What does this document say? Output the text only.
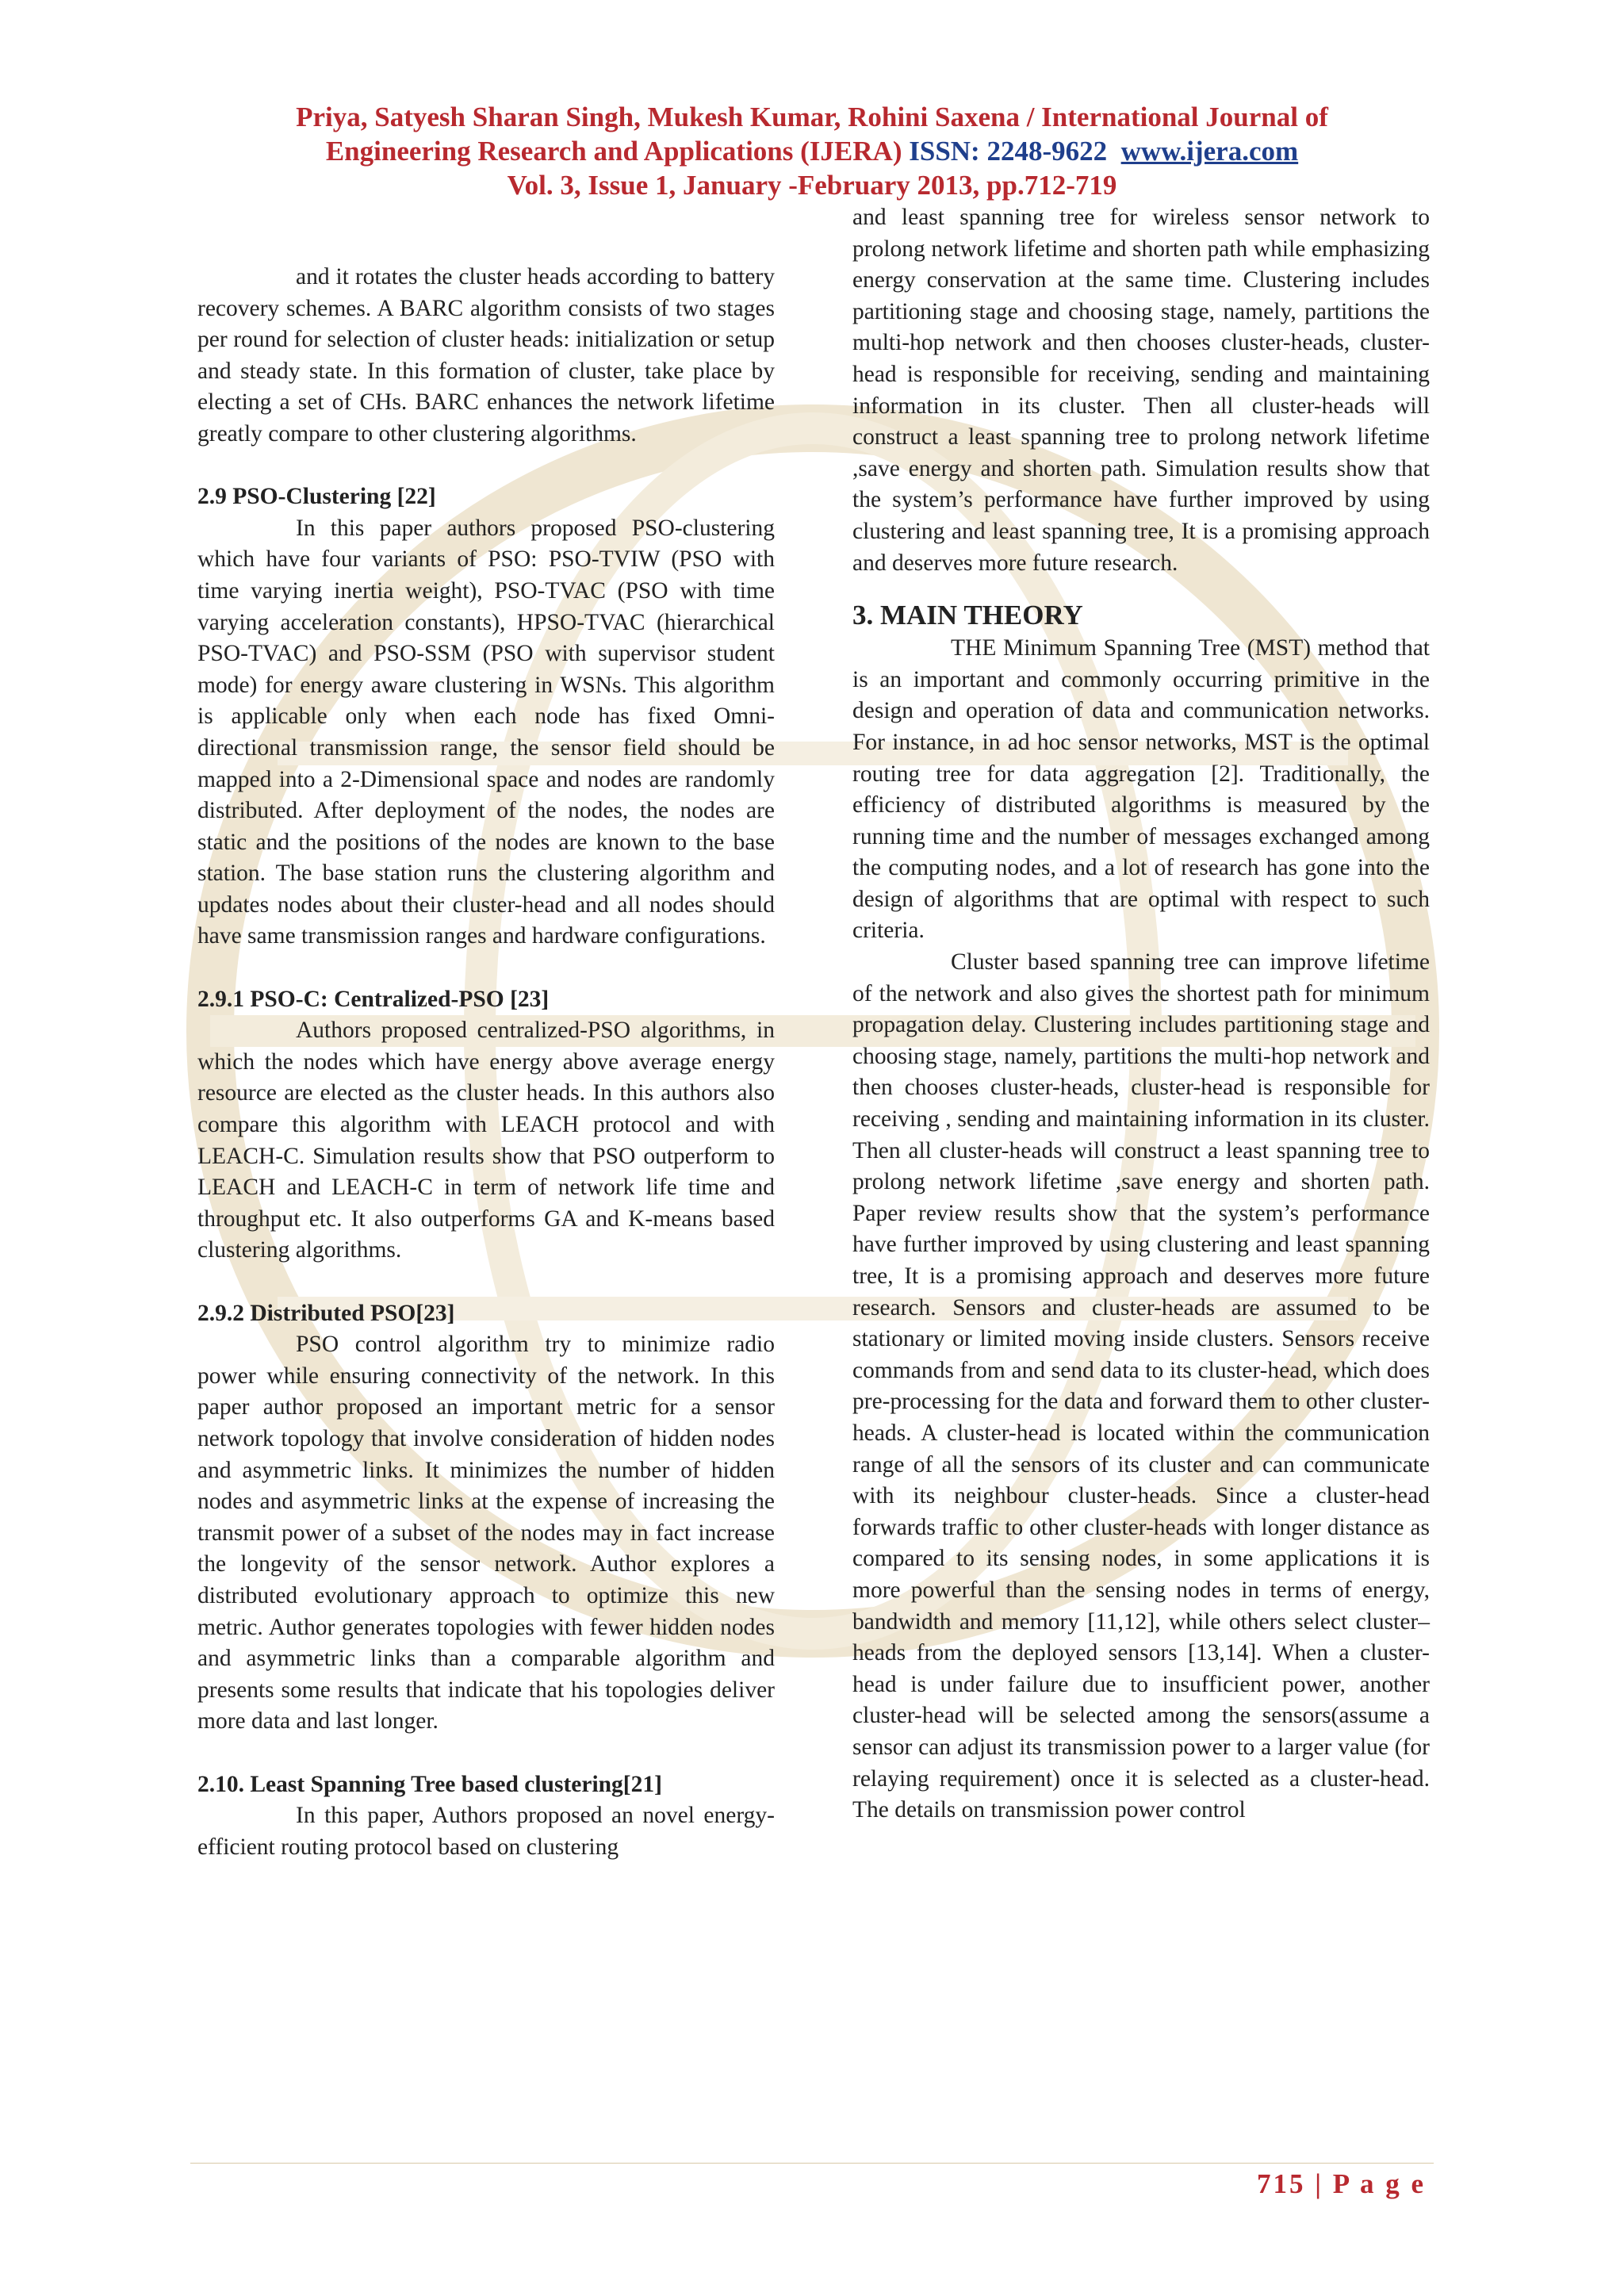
Priya, Satyesh Sharan Singh, Mukesh Kumar, Rohini Saxena / International Journal of
Engineering Research and Applications (IJERA) ISSN: 2248-9622 www.ijera.com
Vol. 3, Issue 1, January -February 2013, pp.712-719

and it rotates the cluster heads according to battery recovery schemes. A BARC algorithm consists of two stages per round for selection of cluster heads: initialization or setup and steady state. In this formation of cluster, take place by electing a set of CHs. BARC enhances the network lifetime greatly compare to other clustering algorithms.

2.9 PSO-Clustering [22]

In this paper authors proposed PSO-clustering which have four variants of PSO: PSO-TVIW (PSO with time varying inertia weight), PSO-TVAC (PSO with time varying acceleration constants), HPSO-TVAC (hierarchical PSO-TVAC) and PSO-SSM (PSO with supervisor student mode) for energy aware clustering in WSNs. This algorithm is applicable only when each node has fixed Omni-directional transmission range, the sensor field should be mapped into a 2-Dimensional space and nodes are randomly distributed. After deployment of the nodes, the nodes are static and the positions of the nodes are known to the base station. The base station runs the clustering algorithm and updates nodes about their cluster-head and all nodes should have same transmission ranges and hardware configurations.

2.9.1 PSO-C: Centralized-PSO [23]

Authors proposed centralized-PSO algorithms, in which the nodes which have energy above average energy resource are elected as the cluster heads. In this authors also compare this algorithm with LEACH protocol and with LEACH-C. Simulation results show that PSO outperform to LEACH and LEACH-C in term of network life time and throughput etc. It also outperforms GA and K-means based clustering algorithms.

2.9.2 Distributed PSO[23]

PSO control algorithm try to minimize radio power while ensuring connectivity of the network. In this paper author proposed an important metric for a sensor network topology that involve consideration of hidden nodes and asymmetric links. It minimizes the number of hidden nodes and asymmetric links at the expense of increasing the transmit power of a subset of the nodes may in fact increase the longevity of the sensor network. Author explores a distributed evolutionary approach to optimize this new metric. Author generates topologies with fewer hidden nodes and asymmetric links than a comparable algorithm and presents some results that indicate that his topologies deliver more data and last longer.

2.10. Least Spanning Tree based clustering[21]

In this paper, Authors proposed an novel energy-efficient routing protocol based on clustering

and least spanning tree for wireless sensor network to prolong network lifetime and shorten path while emphasizing energy conservation at the same time. Clustering includes partitioning stage and choosing stage, namely, partitions the multi-hop network and then chooses cluster-heads, cluster-head is responsible for receiving, sending and maintaining information in its cluster. Then all cluster-heads will construct a least spanning tree to prolong network lifetime ,save energy and shorten path. Simulation results show that the system’s performance have further improved by using clustering and least spanning tree, It is a promising approach and deserves more future research.

3. MAIN THEORY

THE Minimum Spanning Tree (MST) method that is an important and commonly occurring primitive in the design and operation of data and communication networks. For instance, in ad hoc sensor networks, MST is the optimal routing tree for data aggregation [2]. Traditionally, the efficiency of distributed algorithms is measured by the running time and the number of messages exchanged among the computing nodes, and a lot of research has gone into the design of algorithms that are optimal with respect to such criteria.

Cluster based spanning tree can improve lifetime of the network and also gives the shortest path for minimum propagation delay. Clustering includes partitioning stage and choosing stage, namely, partitions the multi-hop network and then chooses cluster-heads, cluster-head is responsible for receiving , sending and maintaining information in its cluster. Then all cluster-heads will construct a least spanning tree to prolong network lifetime ,save energy and shorten path. Paper review results show that the system’s performance have further improved by using clustering and least spanning tree, It is a promising approach and deserves more future research. Sensors and cluster-heads are assumed to be stationary or limited moving inside clusters. Sensors receive commands from and send data to its cluster-head, which does pre-processing for the data and forward them to other cluster-heads. A cluster-head is located within the communication range of all the sensors of its cluster and can communicate with its neighbour cluster-heads. Since a cluster-head forwards traffic to other cluster-heads with longer distance as compared to its sensing nodes, in some applications it is more powerful than the sensing nodes in terms of energy, bandwidth and memory [11,12], while others select cluster–heads from the deployed sensors [13,14]. When a cluster-head is under failure due to insufficient power, another cluster-head will be selected among the sensors(assume a sensor can adjust its transmission power to a larger value (for relaying requirement) once it is selected as a cluster-head. The details on transmission power control

715 | P a g e
